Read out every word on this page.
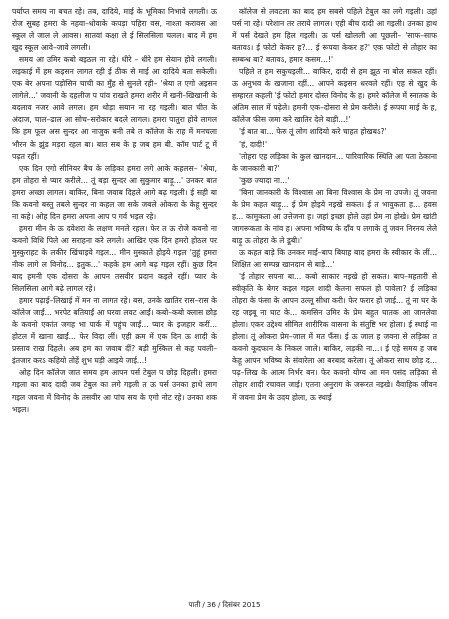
पर्याप्त समय ना बचत रहे। तब, दादिये, माई के भूमिका निभावे लगली। ऊ रोज सुबह हमरा के नहवा–धोवाके कपड़ा पहिरा वस, नाश्ता करावस आ स्कूल ले जाल ले आवस। सातवां कक्षा ले ई सिलसिला चलल। बाद में हम खुद स्कूल आवे–जावे लगली।

समय आ उमिर कबो बइठल ना रहे। धीरे – धीरे हम सेयान होवे लगली। लइकाई में हम कइसन लागत रही ई ठीक से माई आ दादिये बता सकेली। एक बेर अपना पड़ोसिन चाची का मुँह से सुनले रही– 'श्रेया त एगो अइसन लागेले...' जवानी के दहलीज प पांव राखते हमरा शरीर में खनी–खिखानी के बदलाव नजर आवे लगल। हम थोड़ा सयान ना रह गइली। बात चीत के अंदाज, चाल–ढाल आ सोच–सरोकार बदले लागल। हमरा पातुरा होवे लागल कि हम फूल अस सुन्दर आ नाजुक बनी तबे त कॉलेज के राह में मनचला भौरन के झुंड मड़रा रहल बा। बात सब के ह जब हम बी. कॉम पार्ट टू में पढ़त रहीं।

एक दिन एगो सीनियर बैच के लड़िका हमरा लगे आके कहलस– 'श्रेया, हम तोहरा से प्यार करीले... तूं बड़ा सुन्दर आ सुकुमार बाड़ू...' उनकर बात हमरा अच्छा लागल। बाकिर, बिना जवाब दिहले आगे बढ़ गइली। ई सही बा कि कवनो बस्तु तबले सुन्दर ना कहल जा सके जबले ओकरा के केहू सुन्दर ना कहे। ओह दिन हमरा अपना आप प गर्व भइल रहे।

हमरा मीन के ऊ दवेशरा के लक्षण मनले रहल। फेर त ऊ रोजे कवनो ना कवनो विधि पिले आ सराहना करे लगले। आखिर एक दिन हमरो होठल पर मुस्कुराहट के लकीर खिंचाइये गइल... मीन मुस्काते होइये गइल 'तुहूं हमरा नीक लागे ल विनोद... इतुक...' कहके हम आगे बढ़ गइल रहीं। कुछ दिन बाद हमनी एक दोसरा के आपन तसवीर प्रदान कइले रहीं। प्यार के सिलसिला आगे बढ़े लागल रहे।

हमार पढ़ाई–लिखाई में मन ना लागत रहे। बस, उनके खातिर रास–रास के कॉलेज जाईं... भरपेट बतियाईं आ घरवा लवट आईं। कबो–कबो क्लास छोड़ के कवनो एकांत जगह भा पार्क में पहुंच जाईं... प्यार के इजहार करीं... होटल में खाना खाईं... फेर विदा लीं। एही क्रम में एक दिन ऊ शादी के प्रस्ताव राख दिहले। अब हम का जवाब दीं? बड़ी मुस्किल से कह पवली–इंतजार करऽ कहियो तोहें शुभ घड़ी आइये जाई...!

ओह दिन कॉलेज जात समय हम आपन पर्स टेबुल प छोड़ दिहली। हमरा गइला का बाद दादी जब टेबुल का लगे गइली त ऊ पर्स उनका हाथे लाग गइल जवना में विनोद के तसवीर आ पांच सय के एगो नोट रहे। उनका शक भइल।

कॉलेज से लवटला का बाद हम सबसे पहिले टेबुल का लगे गइली। उहां पर्स ना रहे। परेशान तर तराये लागल। एही बीच दादी आ गइली। उनका हाथ में पर्स देखते हम हिल गइली। ऊ पर्स खोलली आ पूछली– 'साफ–साफ बतावऽ। ई फोटो केकर ह?... ई रूपया केकर ह?' एक फोटो से तोहार का सम्बन्ध बा? बतावऽ, हमार कसम...!'

पहिले त हम सकुचइली... बाकिर, दादी से हम झूठ ना बोल सकत रहीं। ऊ अनुभव के खजाना रहीं... आपने कइसन धरवले रहीं। एह से खुद के सम्हारत कहली 'ई फोटो हमार दोस्त विनोद के ह। हमरे कॉलेज में स्नातक के अंतिम साल में पढ़ेले। हमनी एक–दोसरा से प्रेम करीले। ई रूपया माई के ह, कॉलेज फीस जमा करे खातिर देले बाड़ी...!'

'ई बात बा... फेरु तूं लोग शादियो करे चाहत होखबऽ?'

'हं, दादी!'

'तोहरा एह लड़िका के कुल खानदान... पारिवारिक स्थिति आ पता ठेकाना के जानकारी बा?'

'कुछ ज्यादा ना...'

'बिना जानकारी के विश्वास आ बिना विश्वास के प्रेम ना उपजे। तूं जवना के प्रेम कहत बाड़ू... ई प्रेम होइये नइखे सकत। ई त भावुकता ह... हवस ह... कामुकता आ उत्तेजना ह। जहां इच्छा होले उहां प्रेम ना होखे। प्रेम खांटी जागरूकता के नांव ह। अपना भविष्य के दाँव प लगाके तूं जवन निरनय लेले बाड़ू ऊ तोहरा के ले डूबी।'

ऊ कहत बाड़े कि उनकर माई–बाप बियाह बाद हमरा के स्वीकार के लीं... शिक्षित आ सम्पन्न खानदान से बाड़े...'

'ई तोहार सपना बा... कबो साकार नइखे हो सकत। बाप–महतारी से स्वीकृति के बेगर कइल गइल शादी केतना सफल हो पावेला? ई लड़िका तोहरा के फंसा के आपन उल्लू सीधा करी। फेर फरार हो जाई... तूं ना घर के रह जइबू ना घाट के... कमसिन उमिर के प्रेम बहुत घातक आ जानलेवा होला। एकर उद्देश्य सीमित शारीरिक वासना के संतुष्टि भर होला। ई स्थाई ना होला। तूं ओकरा प्रेम–जाल में मत फँस। ई ऊ जाल ह जवना से लड़िका त कवनो कूदफान के निकल जाले। बाकिर, लड़की ना...। ई एहे समय ह जब केहू आपन भविष्य के संवारेला आ बरबाद करेला। तूं ओकरा साथ छोड़ द... पढ़–लिख के आत्म निर्भर बन। फेर कवनो योग्य आ मन पसंद लड़िका से तोहार शादी रचावल जाई। एतना अनुराग के जरूरत नइखे। वैवाहिक जीवन में जवना प्रेम के उदय होला, ऊ स्थाई

पाती / 36 / दिसंबर 2015
